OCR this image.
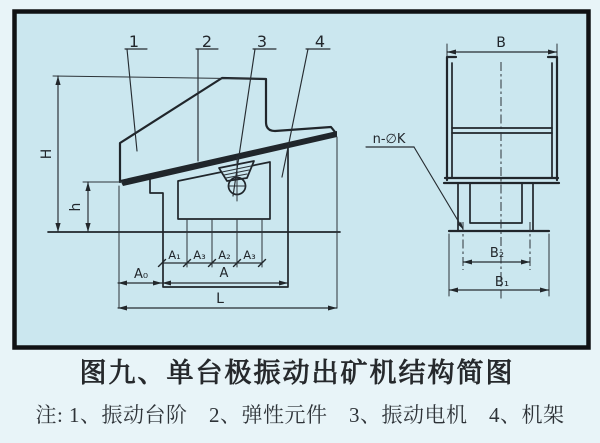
1	2	3	4
H
h
A₁ A₃ A₂ A₃
A₀	A
L
B
B₂
B₁
n-∅K
图九、单台极振动出矿机结构简图
注: 1、振动台阶　2、弹性元件　3、振动电机　4、机架
